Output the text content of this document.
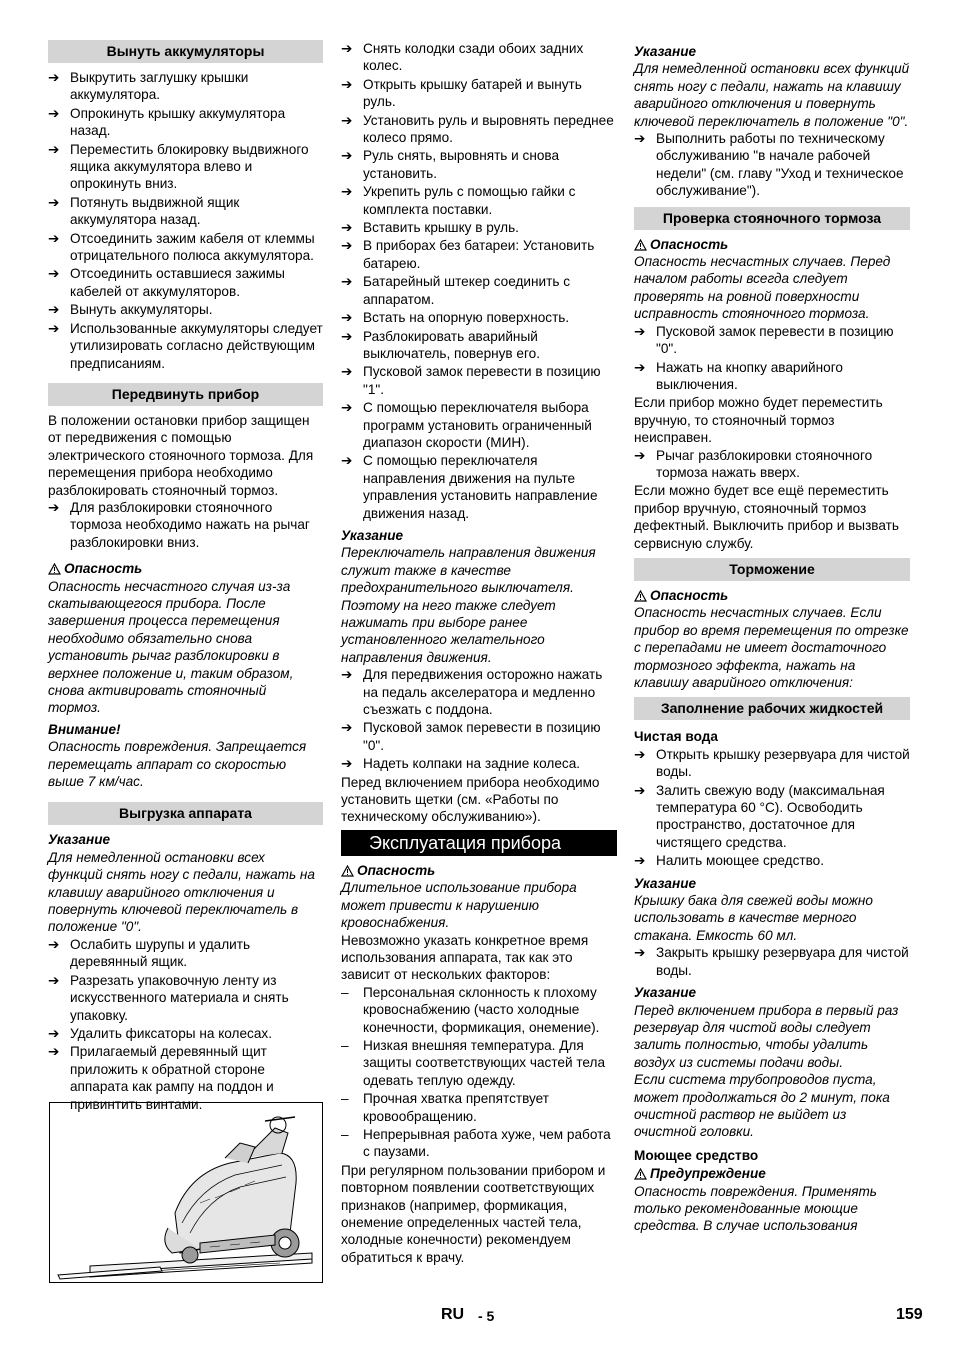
Вынуть аккумуляторы
➔ Выкрутить заглушку крышки аккумулятора.
➔ Опрокинуть крышку аккумулятора назад.
➔ Переместить блокировку выдвижного ящика аккумулятора влево и опрокинуть вниз.
➔ Потянуть выдвижной ящик аккумулятора назад.
➔ Отсоединить зажим кабеля от клеммы отрицательного полюса аккумулятора.
➔ Отсоединить оставшиеся зажимы кабелей от аккумуляторов.
➔ Вынуть аккумуляторы.
➔ Использованные аккумуляторы следует утилизировать согласно действующим предписаниям.
Передвинуть прибор
В положении остановки прибор защищен от передвижения с помощью электрического стояночного тормоза. Для перемещения прибора необходимо разблокировать стояночный тормоз.
➔ Для разблокировки стояночного тормоза необходимо нажать на рычаг разблокировки вниз.
Опасность
Опасность несчастного случая из-за скатывающегося прибора. После завершения процесса перемещения необходимо обязательно снова установить рычаг разблокировки в верхнее положение и, таким образом, снова активировать стояночный тормоз.
Внимание!
Опасность повреждения. Запрещается перемещать аппарат со скоростью выше 7 км/час.
Выгрузка аппарата
Указание
Для немедленной остановки всех функций снять ногу с педали, нажать на клавишу аварийного отключения и повернуть ключевой переключатель в положение "0".
➔ Ослабить шурупы и удалить деревянный ящик.
➔ Разрезать упаковочную ленту из искусственного материала и снять упаковку.
➔ Удалить фиксаторы на колесах.
➔ Прилагаемый деревянный щит приложить к обратной стороне аппарата как рампу на поддон и привинтить винтами.
➔ Снять колодки сзади обоих задних колес.
➔ Открыть крышку батарей и вынуть руль.
➔ Установить руль и выровнять переднее колесо прямо.
➔ Руль снять, выровнять и снова установить.
➔ Укрепить руль с помощью гайки с комплекта поставки.
➔ Вставить крышку в руль.
➔ В приборах без батареи: Установить батарею.
➔ Батарейный штекер соединить с аппаратом.
➔ Встать на опорную поверхность.
➔ Разблокировать аварийный выключатель, повернув его.
➔ Пусковой замок перевести в позицию "1".
➔ С помощью переключателя выбора программ установить ограниченный диапазон скорости (МИН).
➔ С помощью переключателя направления движения на пульте управления установить направление движения назад.
Указание
Переключатель направления движения служит также в качестве предохранительного выключателя. Поэтому на него также следует нажимать при выборе ранее установленного желательного направления движения.
➔ Для передвижения осторожно нажать на педаль акселератора и медленно съезжать с поддона.
➔ Пусковой замок перевести в позицию "0".
➔ Надеть колпаки на задние колеса.
Перед включением прибора необходимо установить щетки (см. «Работы по техническому обслуживанию»).
Эксплуатация прибора
Опасность
Длительное использование прибора может привести к нарушению кровоснабжения.
Невозможно указать конкретное время использования аппарата, так как это зависит от нескольких факторов:
– Персональная склонность к плохому кровоснабжению (часто холодные конечности, формикация, онемение).
– Низкая внешняя температура. Для защиты соответствующих частей тела одевать теплую одежду.
– Прочная хватка препятствует кровообращению.
– Непрерывная работа хуже, чем работа с паузами.
При регулярном пользовании прибором и повторном появлении соответствующих признаков (например, формикация, онемение определенных частей тела, холодные конечности) рекомендуем обратиться к врачу.
Указание
Для немедленной остановки всех функций снять ногу с педали, нажать на клавишу аварийного отключения и повернуть ключевой переключатель в положение "0".
➔ Выполнить работы по техническому обслуживанию "в начале рабочей недели" (см. главу "Уход и техническое обслуживание").
Проверка стояночного тормоза
Опасность
Опасность несчастных случаев. Перед началом работы всегда следует проверять на ровной поверхности исправность стояночного тормоза.
➔ Пусковой замок перевести в позицию "0".
➔ Нажать на кнопку аварийного выключения.
Если прибор можно будет переместить вручную, то стояночный тормоз неисправен.
➔ Рычаг разблокировки стояночного тормоза нажать вверх.
Если можно будет все ещё переместить прибор вручную, стояночный тормоз дефектный. Выключить прибор и вызвать сервисную службу.
Торможение
Опасность
Опасность несчастных случаев. Если прибор во время перемещения по отрезке с перепадами не имеет достаточного тормозного эффекта, нажать на клавишу аварийного отключения:
Заполнение рабочих жидкостей
Чистая вода
➔ Открыть крышку резервуара для чистой воды.
➔ Залить свежую воду (максимальная температура 60 °C). Освободить пространство, достаточное для чистящего средства.
➔ Налить моющее средство.
Указание
Крышку бака для свежей воды можно использовать в качестве мерного стакана. Емкость 60 мл.
➔ Закрыть крышку резервуара для чистой воды.
Указание
Перед включением прибора в первый раз резервуар для чистой воды следует залить полностью, чтобы удалить воздух из системы подачи воды.
Если система трубопроводов пуста, может продолжаться до 2 минут, пока очистной раствор не выйдет из очистной головки.
Моющее средство
Предупреждение
Опасность повреждения. Применять только рекомендованные моющие средства. В случае использования
RU - 5	159
